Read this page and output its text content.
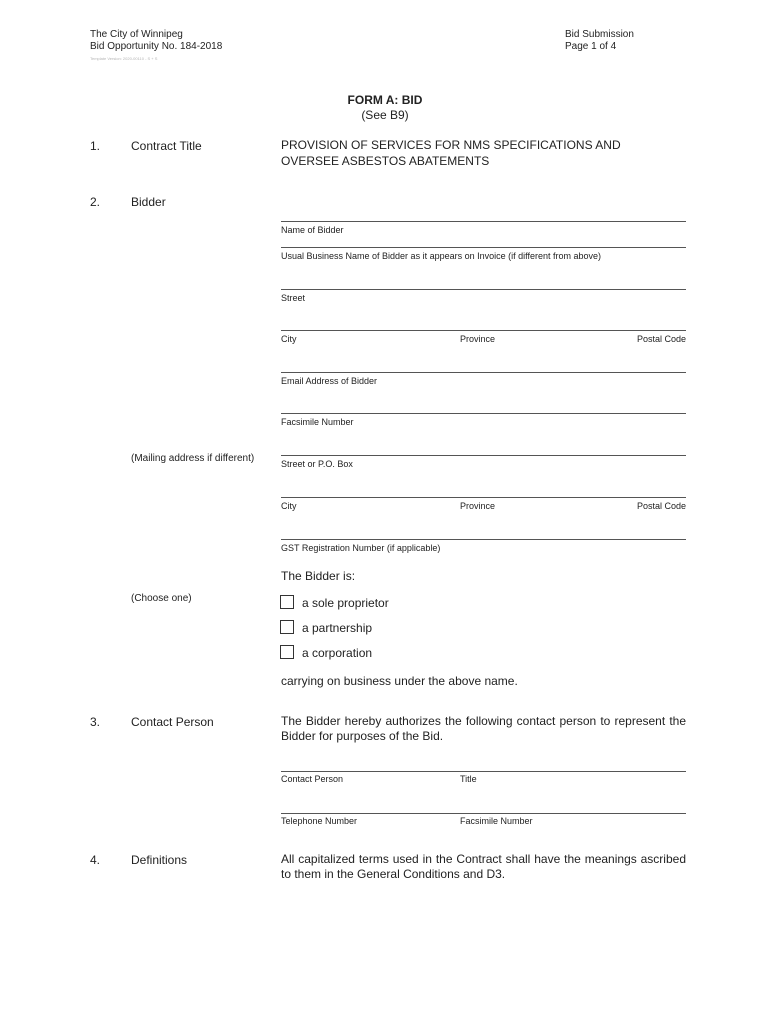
The City of Winnipeg
Bid Opportunity No. 184-2018
Template Version: 2020-00110 - S + S
Bid Submission
Page 1 of 4
FORM A: BID
(See B9)
1.	Contract Title	PROVISION OF SERVICES FOR NMS SPECIFICATIONS AND
OVERSEE ASBESTOS ABATEMENTS
2.	Bidder
Name of Bidder
Usual Business Name of Bidder as it appears on Invoice (if different from above)
Street
City	Province	Postal Code
Email Address of Bidder
Facsimile Number
(Mailing address if different)	Street or P.O. Box
City	Province	Postal Code
GST Registration Number (if applicable)
The Bidder is:
(Choose one)	a sole proprietor
a partnership
a corporation
carrying on business under the above name.
3.	Contact Person	The Bidder hereby authorizes the following contact person to represent the Bidder for purposes of the Bid.
Contact Person	Title
Telephone Number	Facsimile Number
4.	Definitions	All capitalized terms used in the Contract shall have the meanings ascribed to them in the General Conditions and D3.
